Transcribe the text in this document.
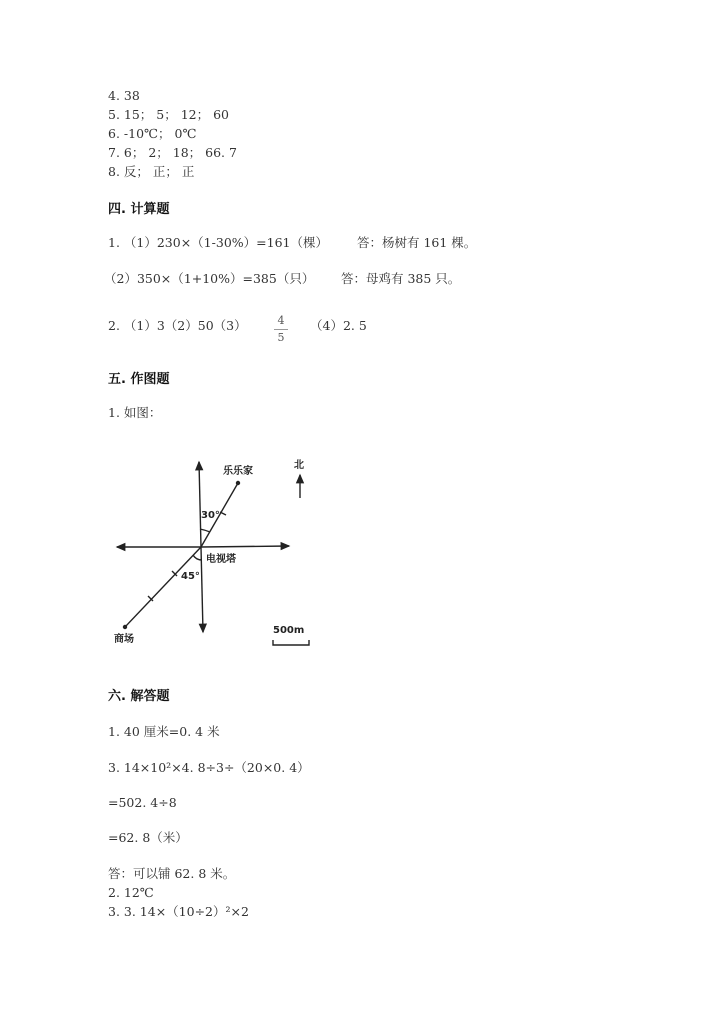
4. 38
5. 15； 5； 12； 60
6. -10℃； 0℃
7. 6； 2； 18； 66. 7
8. 反； 正； 正
四. 计算题
1. （1）230×（1-30%）=161（棵） 答：杨树有 161 棵。
（2）350×（1+10%）=385（只） 答：母鸡有 385 只。
2. （1）3（2）50（3）	4
5
（4）2. 5
五. 作图题
1. 如图：
乐乐家
电视塔
商场
北
30°
45°
500m
六. 解答题
1. 40 厘米=0. 4 米
3. 14×10²×4. 8÷3÷（20×0. 4）
=502. 4÷8
=62. 8（米）
答：可以铺 62. 8 米。
2. 12℃
3. 3. 14×（10÷2）²×2
